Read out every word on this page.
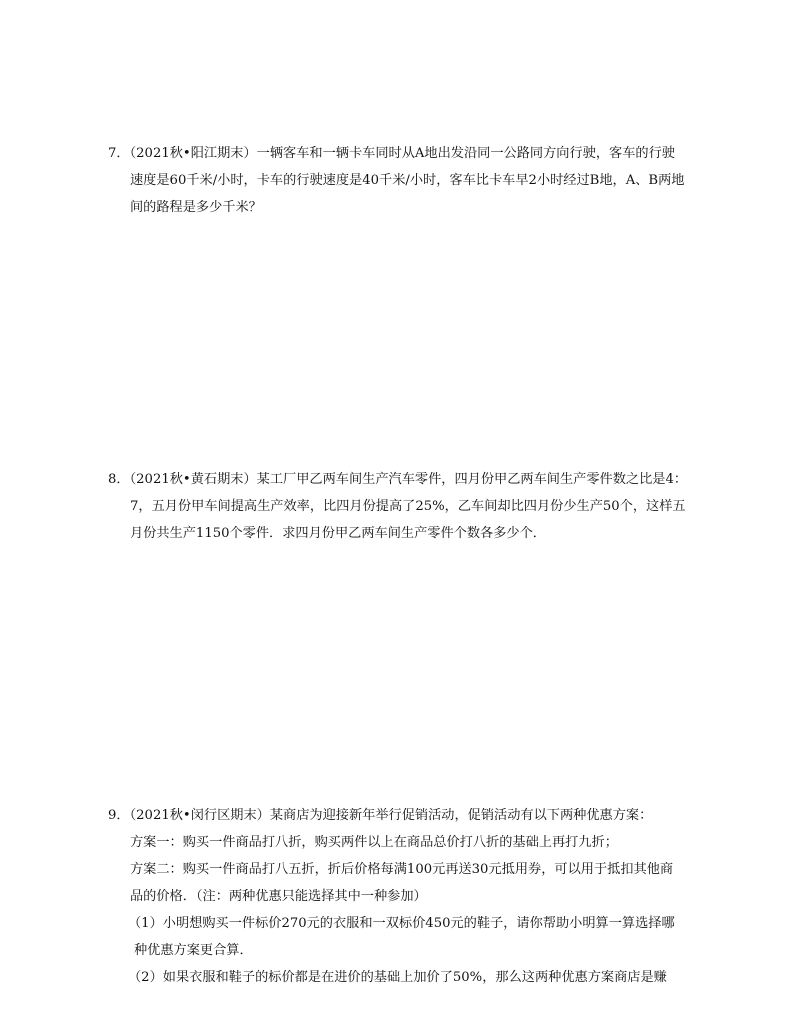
7．（2021秋•阳江期末）一辆客车和一辆卡车同时从A地出发沿同一公路同方向行驶，客车的行驶
速度是60千米/小时，卡车的行驶速度是40千米/小时，客车比卡车早2小时经过B地，A、B两地
间的路程是多少千米？
8．（2021秋•黄石期末）某工厂甲乙两车间生产汽车零件，四月份甲乙两车间生产零件数之比是4：
7，五月份甲车间提高生产效率，比四月份提高了25%，乙车间却比四月份少生产50个，这样五
月份共生产1150个零件．求四月份甲乙两车间生产零件个数各多少个．
9．（2021秋•闵行区期末）某商店为迎接新年举行促销活动，促销活动有以下两种优惠方案：
方案一：购买一件商品打八折，购买两件以上在商品总价打八折的基础上再打九折；
方案二：购买一件商品打八五折，折后价格每满100元再送30元抵用券，可以用于抵扣其他商
品的价格．（注：两种优惠只能选择其中一种参加）
（1）小明想购买一件标价270元的衣服和一双标价450元的鞋子，请你帮助小明算一算选择哪
种优惠方案更合算．
（2）如果衣服和鞋子的标价都是在进价的基础上加价了50%，那么这两种优惠方案商店是赚
